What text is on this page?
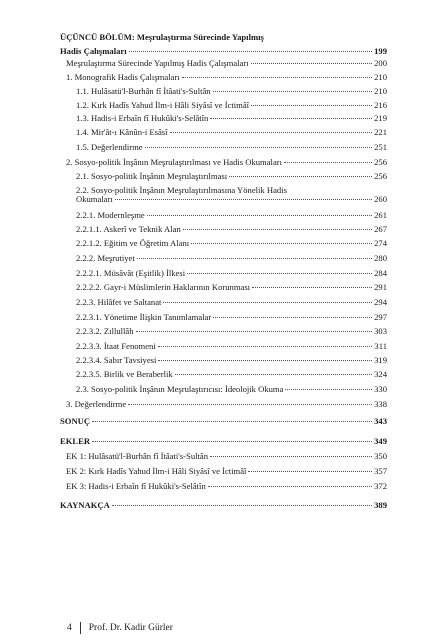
ÜÇÜNCÜ BÖLÜM: Meşrulaştırma Sürecinde Yapılmış
Hadis Çalışmaları	199
Meşrulaştırma Sürecinde Yapılmış Hadis Çalışmaları	200
1. Monografik Hadis Çalışmaları	210
1.1. Hulâsatü'l-Burhân fî İtâati's-Sultân	210
1.2. Kırk Hadîs Yahud İlm-i Hâli Siyâsî ve İctimâî	216
1.3. Hadis-i Erbaîn fî Hukûki's-Selâtîn	219
1.4. Mir'ât-ı Kânûn-i Esâsî	221
1.5. Değerlendirme	251
2. Sosyo-politik İnşânın Meşrulaştırılması ve Hadis Okumaları	256
2.1. Sosyo-politik İnşânın Meşrulaştırılması	256
2.2. Sosyo-politik İnşânın Meşrulaştırılmasına Yönelik Hadis
Okumaları	260
2.2.1. Modernleşme	261
2.2.1.1. Askerî ve Teknik Alan	267
2.2.1.2. Eğitim ve Öğretim Alanı	274
2.2.2. Meşrutiyet	280
2.2.2.1. Müsâvât (Eşitlik) İlkesi	284
2.2.2.2. Gayr-i Müslimlerin Haklarının Korunması	291
2.2.3. Hilâfet ve Saltanat	294
2.2.3.1. Yönetime İlişkin Tanımlamalar	297
2.2.3.2. Zıllullâh	303
2.2.3.3. İtaat Fenomeni	311
2.2.3.4. Sabır Tavsiyesi	319
2.2.3.5. Birlik ve Beraberlik	324
2.3. Sosyo-politik İnşânın Meşrulaştırıcısı: İdeolojik Okuma	330
3. Değerlendirme	338
SONUÇ	343
EKLER	349
EK 1: Hulâsatü'l-Burhân fî İtâati's-Sultân	350
EK 2: Kırk Hadîs Yahud İlm-i Hâli Siyâsî ve İctimâî	357
EK 3: Hadis-i Erbaîn fî Hukûki's-Selâtîn	372
KAYNAKÇA	389
4 Prof. Dr. Kadir Gürler
